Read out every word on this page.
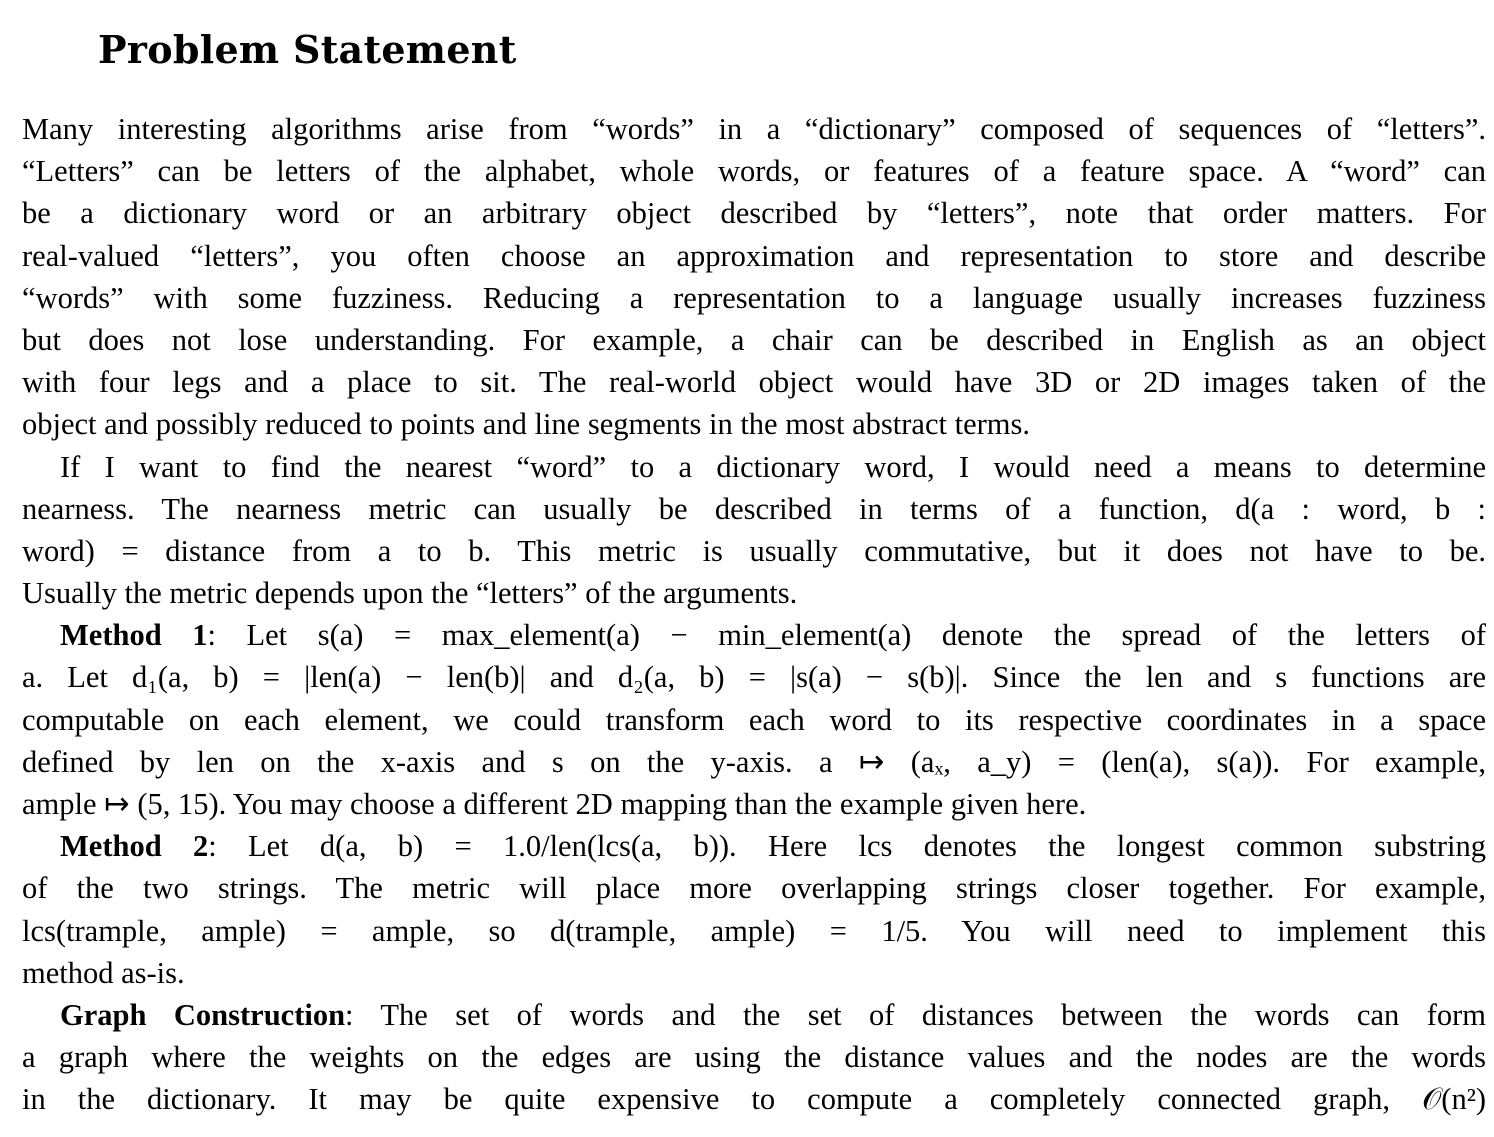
Problem Statement
Many interesting algorithms arise from “words” in a “dictionary” composed of sequences of “letters”.
“Letters” can be letters of the alphabet, whole words, or features of a feature space. A “word” can
be a dictionary word or an arbitrary object described by “letters”, note that order matters. For
real-valued “letters”, you often choose an approximation and representation to store and describe
“words” with some fuzziness. Reducing a representation to a language usually increases fuzziness
but does not lose understanding. For example, a chair can be described in English as an object
with four legs and a place to sit. The real-world object would have 3D or 2D images taken of the
object and possibly reduced to points and line segments in the most abstract terms.
If I want to find the nearest “word” to a dictionary word, I would need a means to determine
nearness. The nearness metric can usually be described in terms of a function, d(a : word, b :
word) = distance from a to b. This metric is usually commutative, but it does not have to be.
Usually the metric depends upon the “letters” of the arguments.
Method 1: Let s(a) = max_element(a) − min_element(a) denote the spread of the letters of
a. Let d₁(a, b) = |len(a) − len(b)| and d₂(a, b) = |s(a) − s(b)|. Since the len and s functions are
computable on each element, we could transform each word to its respective coordinates in a space
defined by len on the x-axis and s on the y-axis. a ↦ (aₓ, a_y) = (len(a), s(a)). For example,
ample ↦ (5, 15). You may choose a different 2D mapping than the example given here.
Method 2: Let d(a, b) = 1.0/len(lcs(a, b)). Here lcs denotes the longest common substring
of the two strings. The metric will place more overlapping strings closer together. For example,
lcs(trample, ample) = ample, so d(trample, ample) = 1/5. You will need to implement this
method as-is.
Graph Construction: The set of words and the set of distances between the words can form
a graph where the weights on the edges are using the distance values and the nodes are the words
in the dictionary. It may be quite expensive to compute a completely connected graph, 𝒪(n²)
